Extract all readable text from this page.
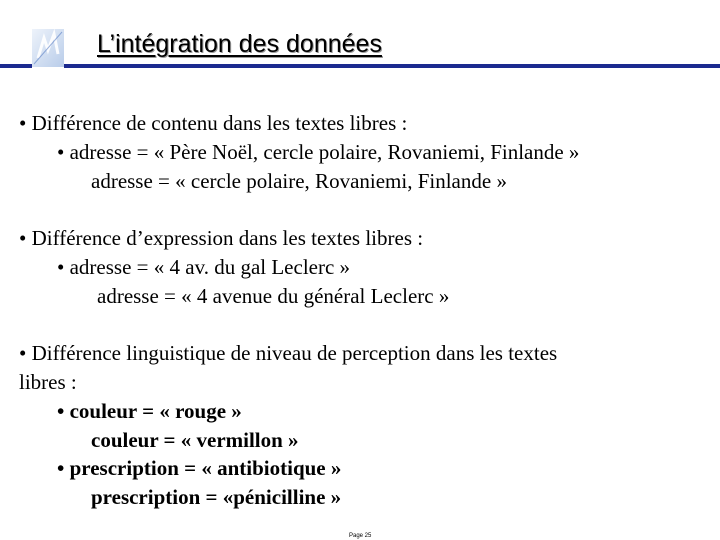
L’intégration des données
• Différence de contenu dans les textes libres :
• adresse = « Père Noël, cercle polaire, Rovaniemi, Finlande »
adresse = « cercle polaire, Rovaniemi, Finlande »
• Différence d’expression dans les textes libres :
• adresse = « 4 av. du gal Leclerc »
adresse = « 4 avenue du général Leclerc »
• Différence linguistique de niveau de perception dans les textes
libres :
• couleur = « rouge »
couleur = « vermillon »
• prescription = « antibiotique »
prescription = «pénicilline »
Page 25
